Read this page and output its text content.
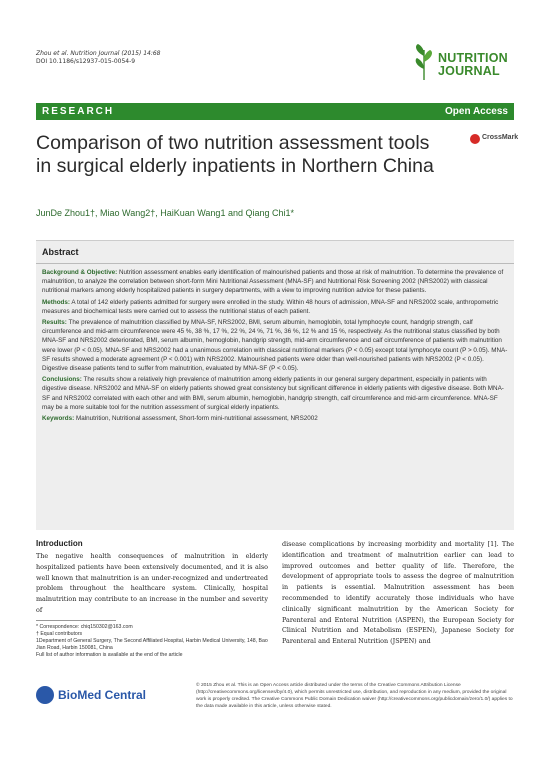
Zhou et al. Nutrition Journal (2015) 14:68
DOI 10.1186/s12937-015-0054-9	NUTRITION
JOURNAL
RESEARCH	Open Access
Comparison of two nutrition assessment tools in surgical elderly inpatients in Northern China
CrossMark
JunDe Zhou1†, Miao Wang2†, HaiKuan Wang1 and Qiang Chi1*
Abstract

Background & Objective: Nutrition assessment enables early identification of malnourished patients and those at risk of malnutrition. To determine the prevalence of malnutrition, to analyze the correlation between short-form Mini Nutritional Assessment (MNA-SF) and Nutritional Risk Screening 2002 (NRS2002) with classical nutritional markers among elderly hospitalized patients in surgery departments, with a view to improving nutrition advice for these patients.

Methods: A total of 142 elderly patients admitted for surgery were enrolled in the study. Within 48 hours of admission, MNA-SF and NRS2002 scale, anthropometric measures and biochemical tests were carried out to assess the nutritional status of each patient.

Results: The prevalence of malnutrition classified by MNA-SF, NRS2002, BMI, serum albumin, hemoglobin, total lymphocyte count, handgrip strength, calf circumference and mid-arm circumference were 45 %, 38 %, 17 %, 22 %, 24 %, 71 %, 36 %, 12 % and 15 %, respectively. As the nutritional status classified by both MNA-SF and NRS2002 deteriorated, BMI, serum albumin, hemoglobin, handgrip strength, mid-arm circumference and calf circumference of patients with malnutrition were lower (P < 0.05). MNA-SF and NRS2002 had a unanimous correlation with classical nutritional markers (P < 0.05) except total lymphocyte count (P > 0.05). MNA-SF results showed a moderate agreement (P < 0.001) with NRS2002. Malnourished patients were older than well-nourished patients with NRS2002 (P < 0.05). Digestive disease patients tend to suffer from malnutrition, evaluated by MNA-SF (P < 0.05).

Conclusions: The results show a relatively high prevalence of malnutrition among elderly patients in our general surgery department, especially in patients with digestive disease. NRS2002 and MNA-SF on elderly patients showed great consistency but significant difference in elderly patients with digestive disease. Both MNA-SF and NRS2002 correlated with each other and with BMI, serum albumin, hemoglobin, handgrip strength, calf circumference and mid-arm circumference. MNA-SF may be a more suitable tool for the nutrition assessment of surgical elderly inpatients.

Keywords: Malnutrition, Nutritional assessment, Short-form mini-nutritional assessment, NRS2002

Introduction
The negative health consequences of malnutrition in elderly hospitalized patients have been extensively documented, and it is also well known that malnutrition is an under-recognized and undertreated problem throughout the healthcare system. Clinically, hospital malnutrition may contribute to an increase in the number and severity of
disease complications by increasing morbidity and mortality [1]. The identification and treatment of malnutrition earlier can lead to improved outcomes and better quality of life. Therefore, the development of appropriate tools to assess the degree of malnutrition in patients is essential. Malnutrition assessment has been recommended to identify accurately those individuals who have clinically significant malnutrition by the American Society for Parenteral and Enteral Nutrition (ASPEN), the European Society for Clinical Nutrition and Metabolism (ESPEN), Japanese Society for Parenteral and Enteral Nutrition (JSPEN) and
* Correspondence: chiq150302@163.com
† Equal contributors
1Department of General Surgery, The Second Affiliated Hospital, Harbin Medical University, 148, Bao Jian Road, Harbin 150081, China
Full list of author information is available at the end of the article
BioMed Central
© 2015 Zhou et al. This is an Open Access article distributed under the terms of the Creative Commons Attribution License (http://creativecommons.org/licenses/by/4.0), which permits unrestricted use, distribution, and reproduction in any medium, provided the original work is properly credited. The Creative Commons Public Domain Dedication waiver (http://creativecommons.org/publicdomain/zero/1.0/) applies to the data made available in this article, unless otherwise stated.
